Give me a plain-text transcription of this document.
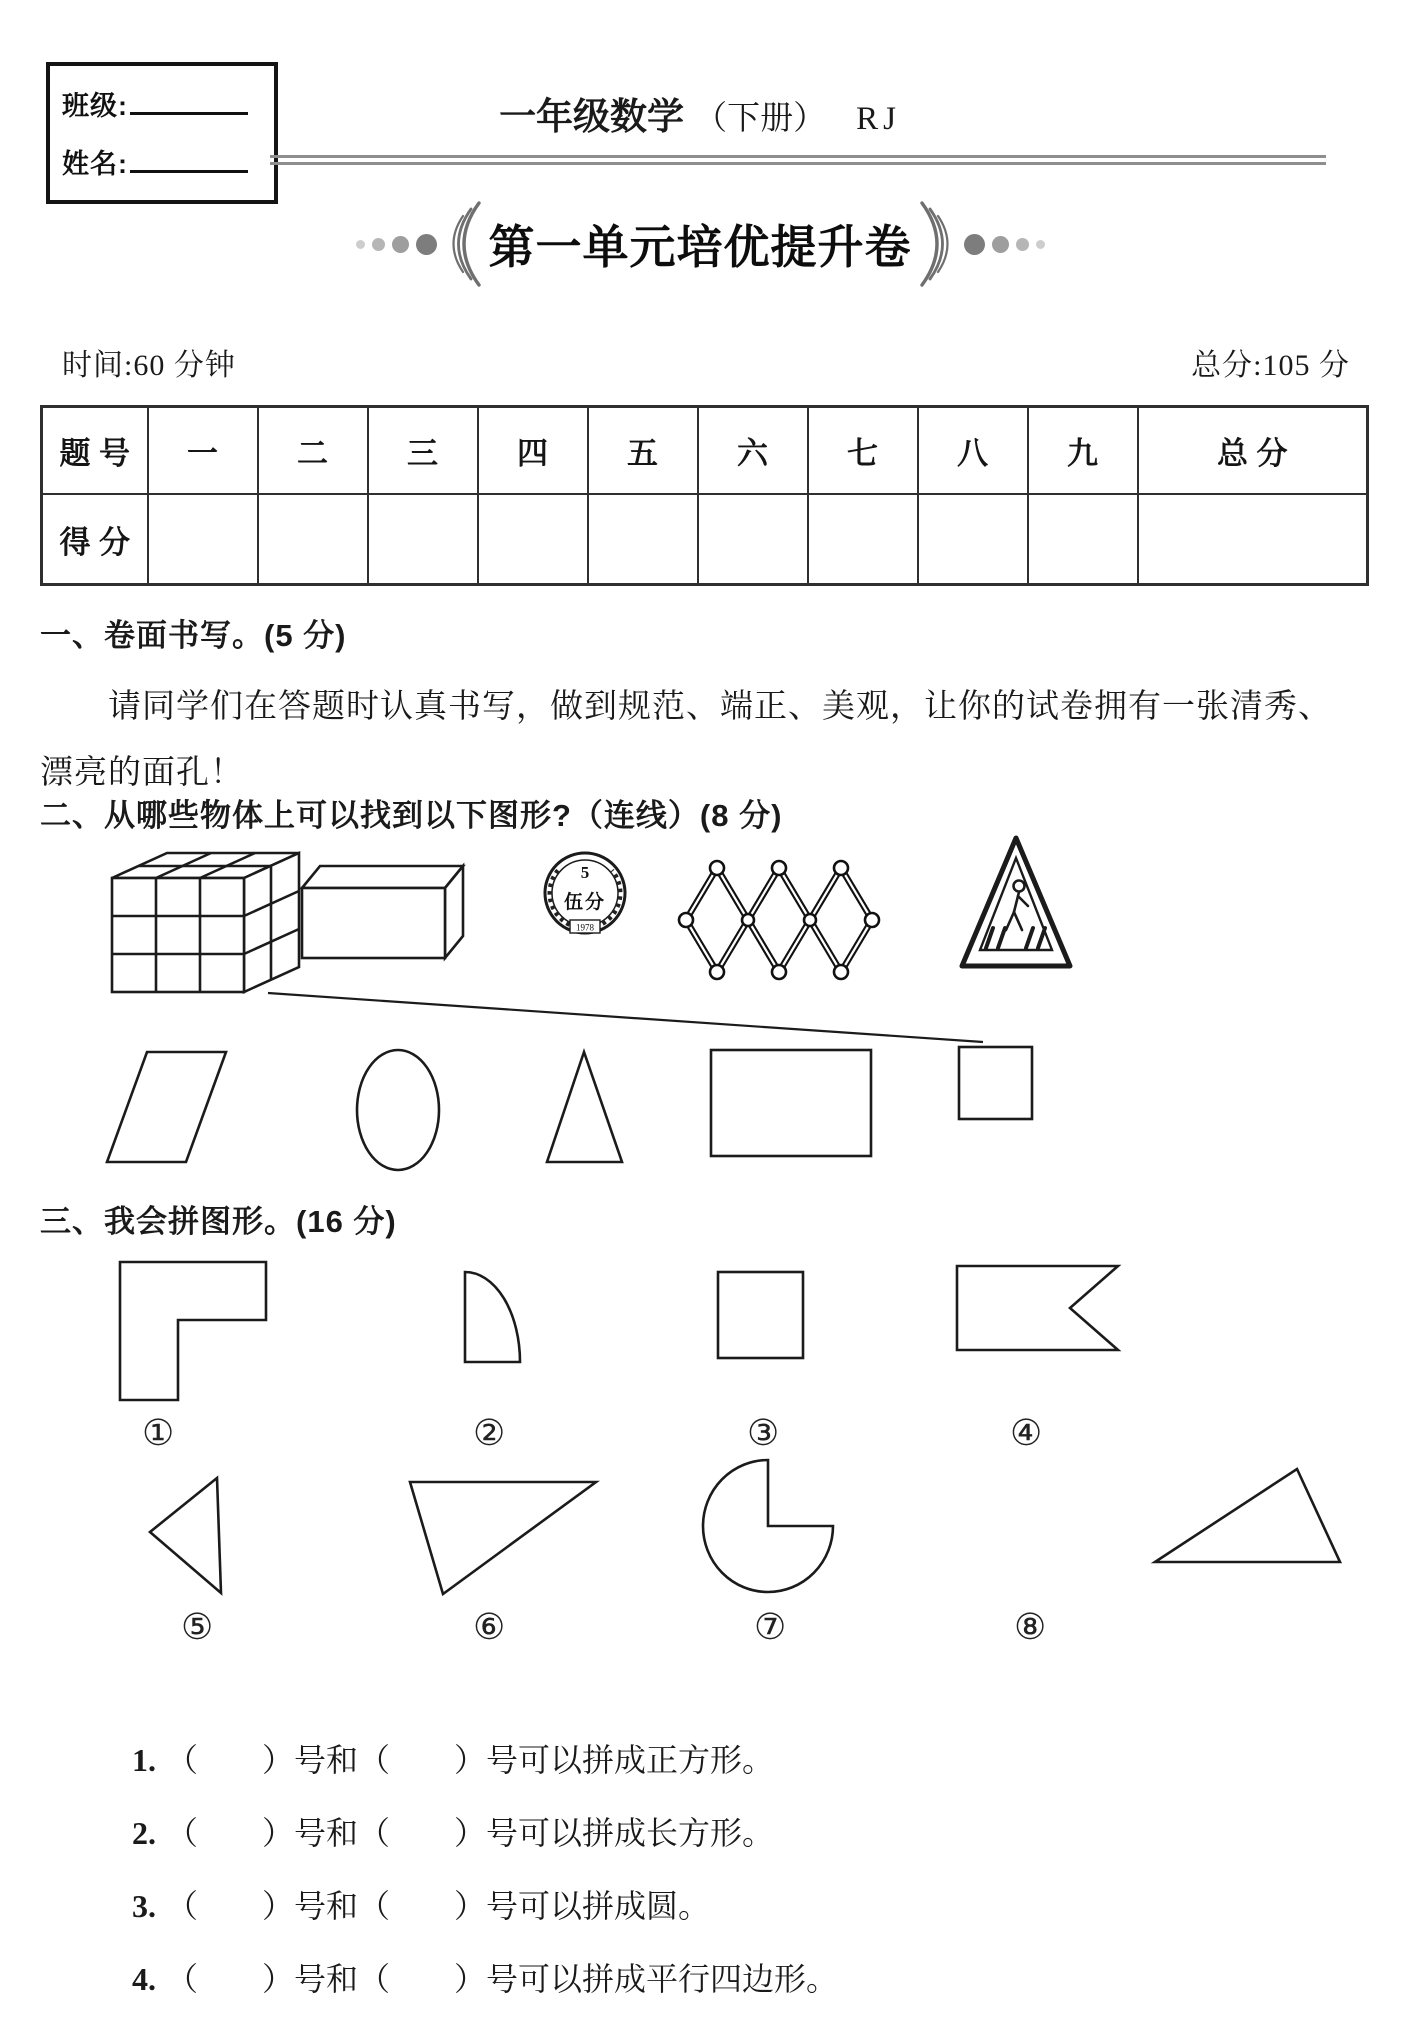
班级:
姓名:
一年级数学 （下册） RJ
第一单元培优提升卷
时间:60 分钟	总分:105 分
题 号	一	二	三	四	五	六	七	八	九	总 分
得 分										
一、卷面书写。(5 分)
　　请同学们在答题时认真书写，做到规范、端正、美观，让你的试卷拥有一张清秀、
漂亮的面孔！
二、从哪些物体上可以找到以下图形?（连线）(8 分)
三、我会拼图形。(16 分)
5
伍分
1978
①	②	③	④
⑤	⑥	⑦	⑧

1. （　　）号和（　　）号可以拼成正方形。

2. （　　）号和（　　）号可以拼成长方形。

3. （　　）号和（　　）号可以拼成圆。

4. （　　）号和（　　）号可以拼成平行四边形。
